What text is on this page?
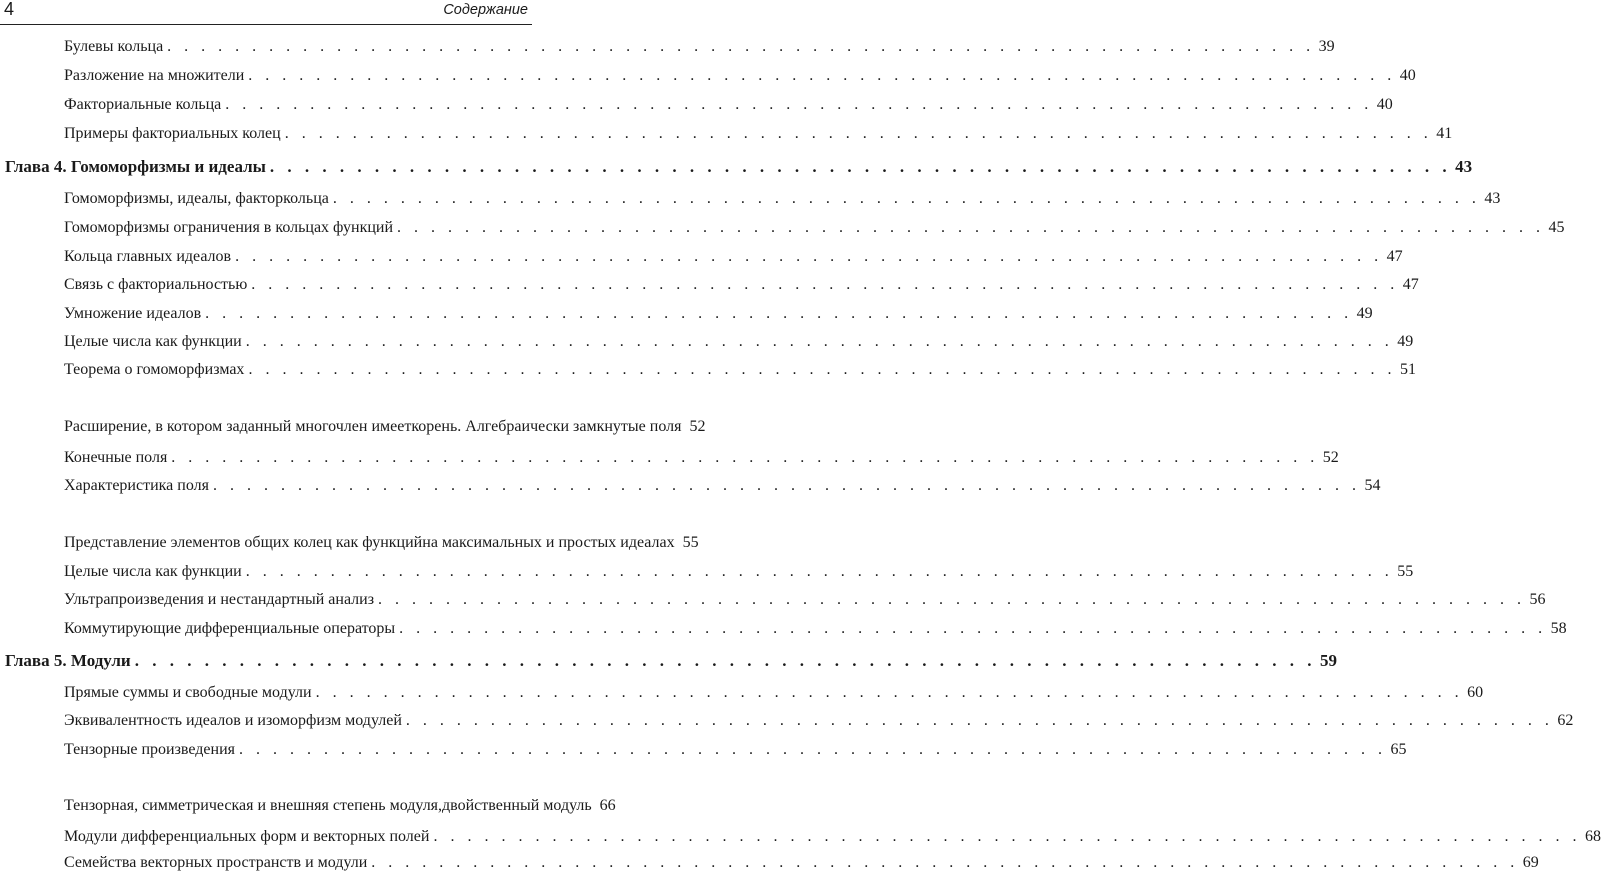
4	Содержание
Булевы кольца . . .	39
Разложение на множители . . .	40
Факториальные кольца . . .	40
Примеры факториальных колец . . .	41
Глава 4. Гомоморфизмы и идеалы . . .	43
Гомоморфизмы, идеалы, факторкольца . . .	43
Гомоморфизмы ограничения в кольцах функций . . .	45
Кольца главных идеалов . . .	47
Связь с факториальностью . . .	47
Умножение идеалов . . .	49
Целые числа как функции . . .	49
Теорема о гомоморфизмах . . .	51
Расширение, в котором заданный многочлен имеет корень. Алгебраически замкнутые поля 52
Конечные поля . . .	52
Характеристика поля . . .	54
Представление элементов общих колец как функций на максимальных и простых идеалах 55
Целые числа как функции . . .	55
Ультрапроизведения и нестандартный анализ . . .	56
Коммутирующие дифференциальные операторы . . .	58
Глава 5. Модули . . .	59
Прямые суммы и свободные модули . . .	60
Эквивалентность идеалов и изоморфизм модулей . . .	62
Тензорные произведения . . .	65
Тензорная, симметрическая и внешняя степень модуля, двойственный модуль 66
Модули дифференциальных форм и векторных полей . . .	68
Семейства векторных пространств и модули . . .	69
